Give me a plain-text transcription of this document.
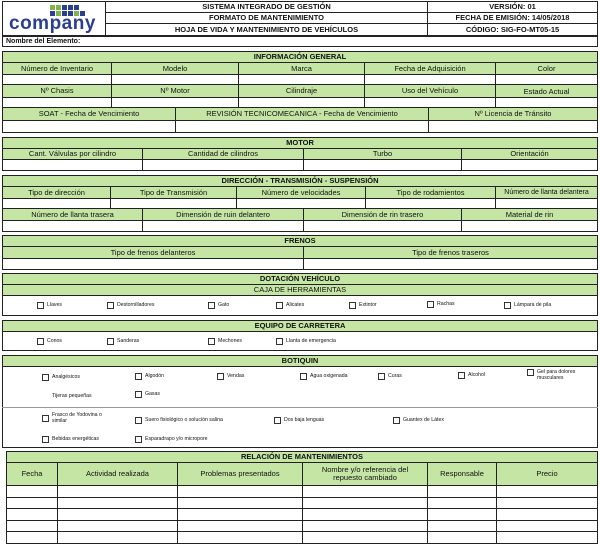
company
SISTEMA INTEGRADO DE GESTIÓN
FORMATO DE MANTENIMIENTO
HOJA DE VIDA Y MANTENIMIENTO DE VEHÍCULOS
VERSIÓN: 01
FECHA DE EMISIÓN: 14/05/2018
CÓDIGO: SIG-FO-MT05-15
Nombre del Elemento:
INFORMACIÓN GENERAL
Número de Inventario	Modelo	Marca	Fecha de Adquisición	Color
Nº Chasis	Nº Motor	Cilindraje	Uso del Vehículo	Estado Actual
SOAT - Fecha de Vencimiento	REVISIÓN TECNICOMECANICA - Fecha de Vencimiento	Nº Licencia de Tránsito
MOTOR
Cant. Válvulas por cilindro	Cantidad de cilindros	Turbo	Orientación
DIRECCIÓN - TRANSMISIÓN - SUSPENSIÓN
Tipo de dirección	Tipo de Transmisión	Número de velocidades	Tipo de rodamientos	Número de llanta delantera
Número de llanta trasera	Dimensión de ruin delantero	Dimensión de rin trasero	Material de rin
FRENOS
Tipo de frenos delanteros	Tipo de frenos traseros
DOTACIÓN VEHÍCULO
CAJA DE HERRAMIENTAS
Llaves	Destornilladores	Gato	Alicates	Extintor	Rachas	Lámpara de pila
EQUIPO DE CARRETERA
Conos	Sanderas	Mechones	Llanta de emergencia
BOTIQUIN
Analgésicos	Algodón	Vendas	Agua oxigenada	Curas	Alcohol	Gel para dolores musculares
Tijeras pequeñas	Gasas
Frasco de Yodovina o similar	Suero fisiológico o solución salina	Dos baja lenguas	Guantex de Látex
Bebidas energéticas	Esparadrapo y/o micropore
RELACIÓN DE MANTENIMIENTOS
Fecha	Actividad realizada	Problemas presentados	Nombre y/o referencia del repuesto cambiado	Responsable	Precio
